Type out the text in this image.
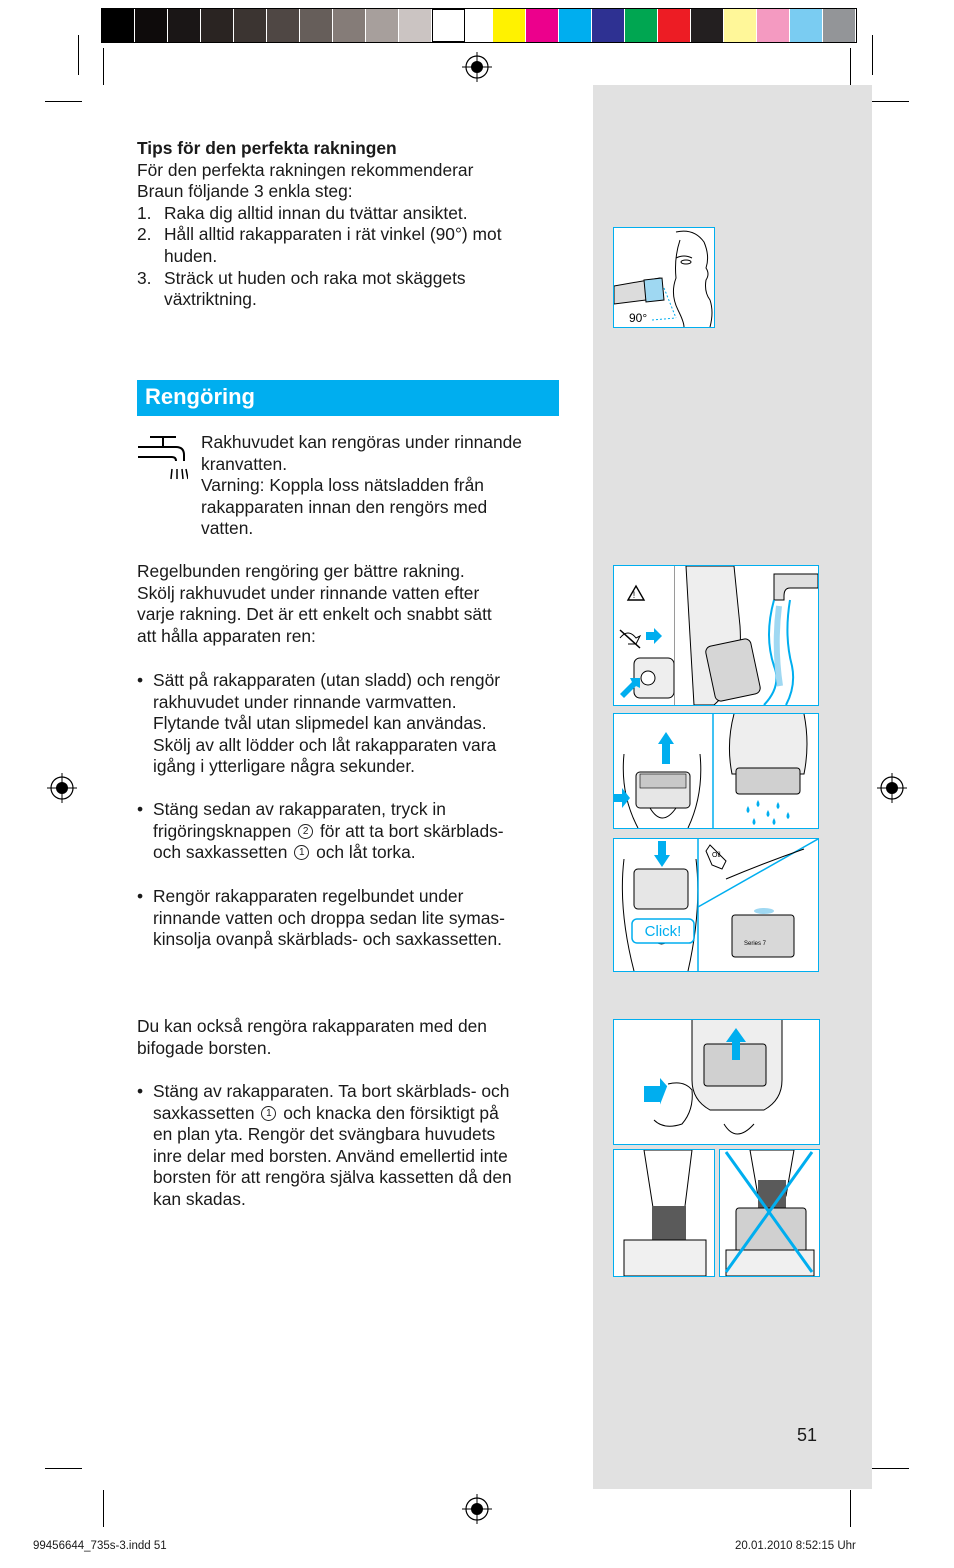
Tips för den perfekta rakningen
För den perfekta rakningen rekommenderar
Braun följande 3 enkla steg:
1. Raka dig alltid innan du tvättar ansiktet.
2. Håll alltid rakapparaten i rät vinkel (90°) mot
huden.
3. Sträck ut huden och raka mot skäggets
växtriktning.
Rengöring
Rakhuvudet kan rengöras under rinnande
kranvatten.
Varning: Koppla loss nätsladden från
rakapparaten innan den rengörs med
vatten.
Regelbunden rengöring ger bättre rakning.
Skölj rakhuvudet under rinnande vatten efter
varje rakning. Det är ett enkelt och snabbt sätt
att hålla apparaten ren:
• Sätt på rakapparaten (utan sladd) och rengör
rakhuvudet under rinnande varmvatten.
Flytande tvål utan slipmedel kan användas.
Skölj av allt lödder och låt rakapparaten vara
igång i ytterligare några sekunder.
• Stäng sedan av rakapparaten, tryck in
frigöringsknappen 2 för att ta bort skärblads-
och saxkassetten 1 och låt torka.
• Rengör rakapparaten regelbundet under
rinnande vatten och droppa sedan lite symas-
kinsolja ovanpå skärblads- och saxkassetten.
Du kan också rengöra rakapparaten med den
bifogade borsten.
• Stäng av rakapparaten. Ta bort skärblads- och
saxkassetten 1 och knacka den försiktigt på
en plan yta. Rengör det svängbara huvudets
inre delar med borsten. Använd emellertid inte
borsten för att rengöra själva kassetten då den
kan skadas.
90°
!
Click!
Oil
Series 7
51
99456644_735s-3.indd 51	20.01.2010 8:52:15 Uhr
